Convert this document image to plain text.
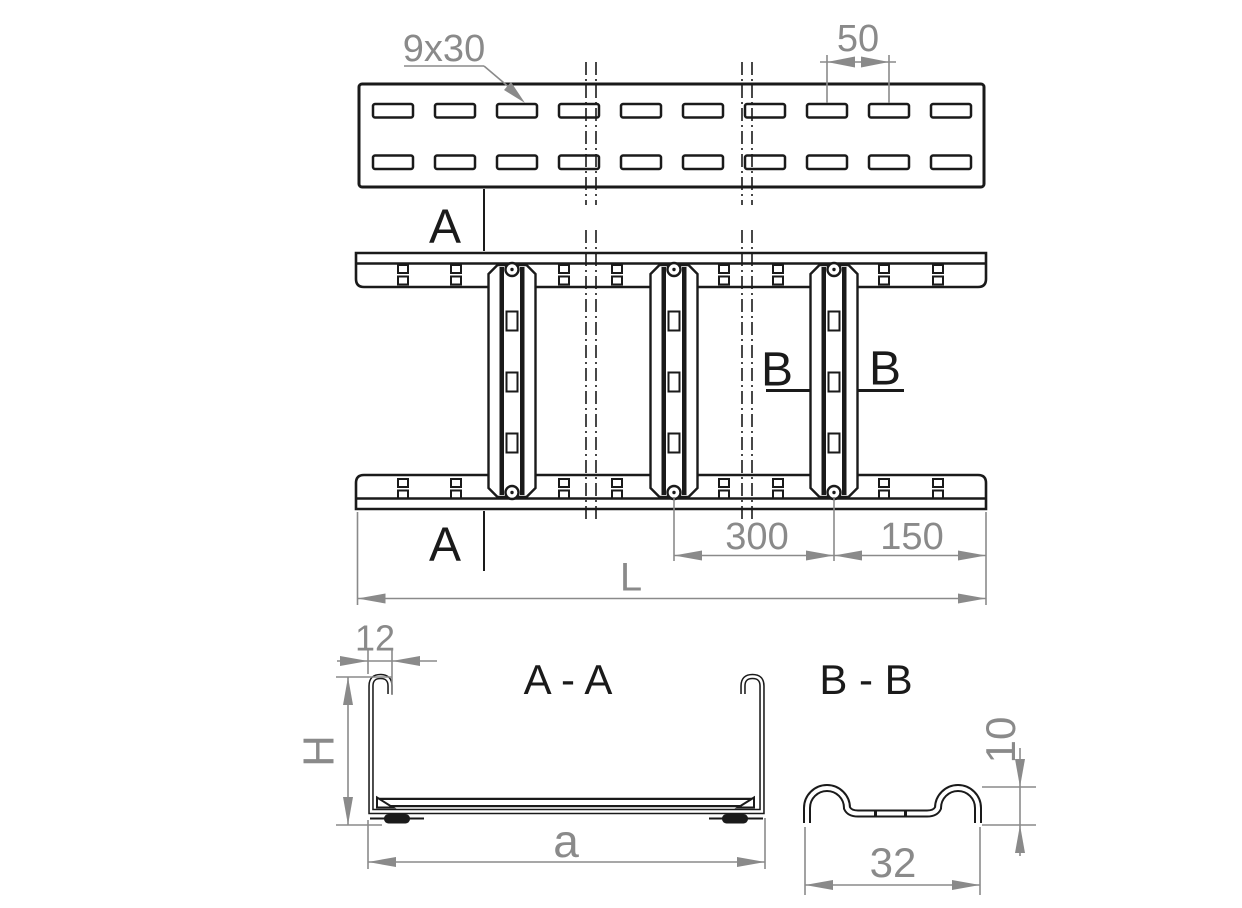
9x30	50
A
A
B B
300 150
L
A - A
12
H
a
B - B
10
32
